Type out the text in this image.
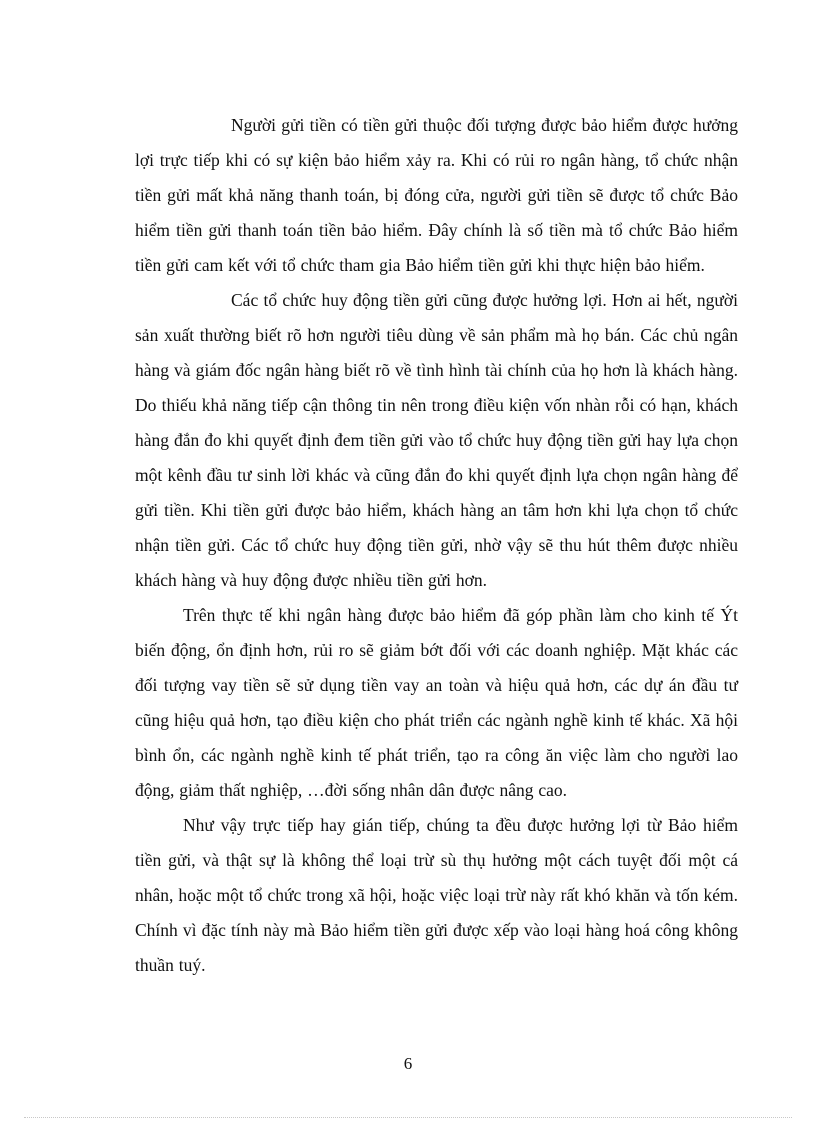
Người gửi tiền có tiền gửi thuộc đối tượng được bảo hiểm được hưởng lợi trực tiếp khi có sự kiện bảo hiểm xảy ra. Khi có rủi ro ngân hàng, tổ chức nhận tiền gửi mất khả năng thanh toán, bị đóng cửa, người gửi tiền sẽ được tổ chức Bảo hiểm tiền gửi thanh toán tiền bảo hiểm. Đây chính là số tiền mà tổ chức Bảo hiểm tiền gửi cam kết với tổ chức tham gia Bảo hiểm tiền gửi khi thực hiện bảo hiểm.

Các tổ chức huy động tiền gửi cũng được hưởng lợi. Hơn ai hết, người sản xuất thường biết rõ hơn người tiêu dùng về sản phẩm mà họ bán. Các chủ ngân hàng và giám đốc ngân hàng biết rõ về tình hình tài chính của họ hơn là khách hàng. Do thiếu khả năng tiếp cận thông tin nên trong điều kiện vốn nhàn rỗi có hạn, khách hàng đắn đo khi quyết định đem tiền gửi vào tổ chức huy động tiền gửi hay lựa chọn một kênh đầu tư sinh lời khác và cũng đắn đo khi quyết định lựa chọn ngân hàng để gửi tiền. Khi tiền gửi được bảo hiểm, khách hàng an tâm hơn khi lựa chọn tổ chức nhận tiền gửi. Các tổ chức huy động tiền gửi, nhờ vậy sẽ thu hút thêm được nhiều khách hàng và huy động được nhiều tiền gửi hơn.

Trên thực tế khi ngân hàng được bảo hiểm đã góp phần làm cho kinh tế Ýt biến động, ổn định hơn, rủi ro sẽ giảm bớt đối với các doanh nghiệp. Mặt khác các đối tượng vay tiền sẽ sử dụng tiền vay an toàn và hiệu quả hơn, các dự án đầu tư cũng hiệu quả hơn, tạo điều kiện cho phát triển các ngành nghề kinh tế khác. Xã hội bình ổn, các ngành nghề kinh tế phát triển, tạo ra công ăn việc làm cho người lao động, giảm thất nghiệp, …đời sống nhân dân được nâng cao.

Như vậy trực tiếp hay gián tiếp, chúng ta đều được hưởng lợi từ Bảo hiểm tiền gửi, và thật sự là không thể loại trừ sù thụ hưởng một cách tuyệt đối một cá nhân, hoặc một tổ chức trong xã hội, hoặc việc loại trừ này rất khó khăn và tốn kém. Chính vì đặc tính này mà Bảo hiểm tiền gửi được xếp vào loại hàng hoá công không thuần tuý.

6
